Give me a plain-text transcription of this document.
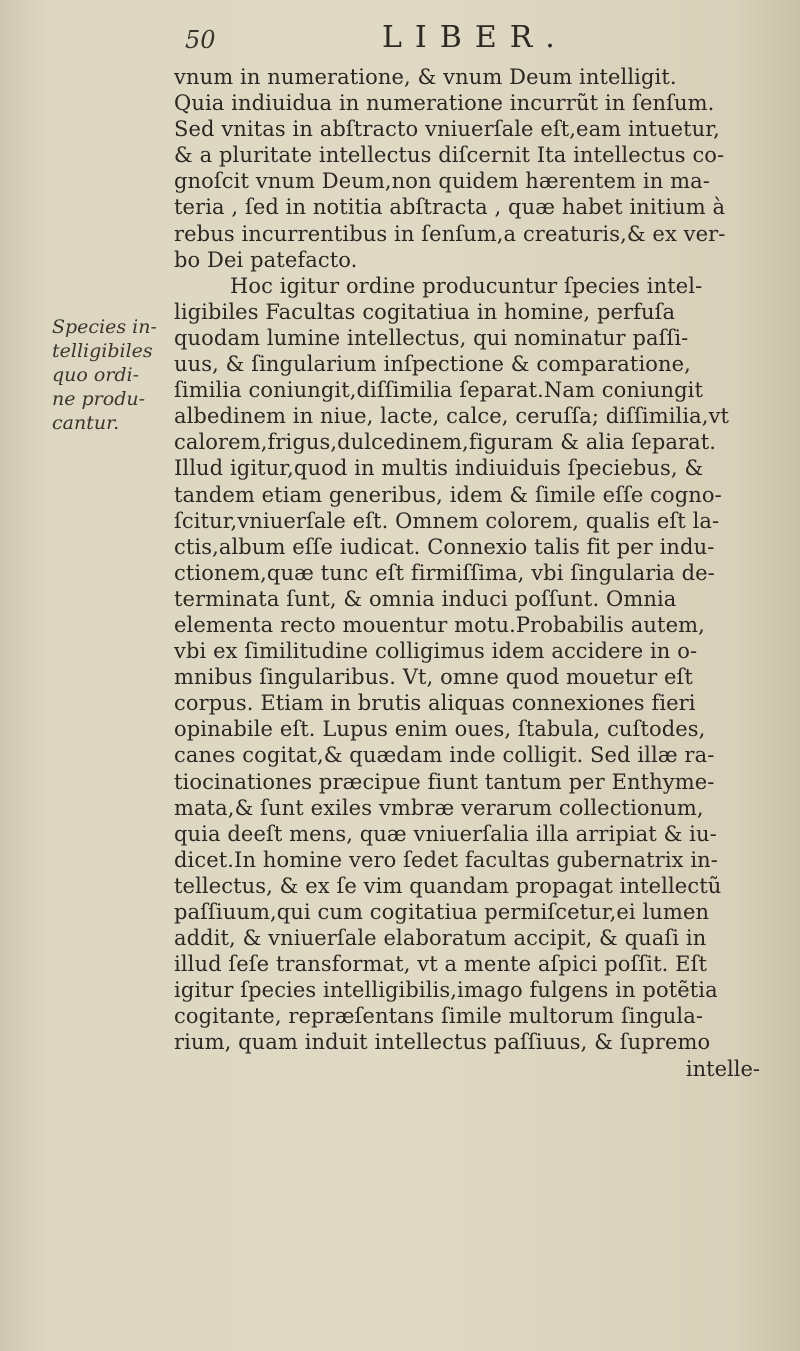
50	LIBER.
Species in-
telligibiles
quo ordi-
ne produ-
cantur.
vnum in numeratione, & vnum Deum intelligit.
Quia indiuidua in numeratione incurrũt in ſenſum.
Sed vnitas in abſtracto vniuerſale eſt,eam intuetur,
& a pluritate intellectus diſcernit Ita intellectus co-
gnoſcit vnum Deum,non quidem hærentem in ma-
teria , ſed in notitia abſtracta , quæ habet initium à
rebus incurrentibus in ſenſum,a creaturis,& ex ver-
bo Dei patefacto.
Hoc igitur ordine producuntur ſpecies intel-
ligibiles Facultas cogitatiua in homine, perfuſa
quodam lumine intellectus, qui nominatur paſſi-
uus, & ſingularium inſpectione & comparatione,
ſimilia coniungit,diſſimilia ſeparat.Nam coniungit
albedinem in niue, lacte, calce, ceruſſa; diſſimilia,vt
calorem,frigus,dulcedinem,figuram & alia ſeparat.
Illud igitur,quod in multis indiuiduis ſpeciebus, &
tandem etiam generibus, idem & ſimile eſſe cogno-
ſcitur,vniuerſale eſt. Omnem colorem, qualis eſt la-
ctis,album eſſe iudicat. Connexio talis fit per indu-
ctionem,quæ tunc eſt firmiſſima, vbi ſingularia de-
terminata ſunt, & omnia induci poſſunt. Omnia
elementa recto mouentur motu.Probabilis autem,
vbi ex ſimilitudine colligimus idem accidere in o-
mnibus ſingularibus. Vt, omne quod mouetur eſt
corpus. Etiam in brutis aliquas connexiones fieri
opinabile eſt. Lupus enim oues, ſtabula, cuſtodes,
canes cogitat,& quædam inde colligit. Sed illæ ra-
tiocinationes præcipue fiunt tantum per Enthyme-
mata,& ſunt exiles vmbræ verarum collectionum,
quia deeſt mens, quæ vniuerſalia illa arripiat & iu-
dicet.In homine vero ſedet facultas gubernatrix in-
tellectus, & ex ſe vim quandam propagat intellectũ
paſſiuum,qui cum cogitatiua permiſcetur,ei lumen
addit, & vniuerſale elaboratum accipit, & quaſi in
illud ſeſe transformat, vt a mente aſpici poſſit. Eſt
igitur ſpecies intelligibilis,imago fulgens in potẽtia
cogitante, repræſentans ſimile multorum ſingula-
rium, quam induit intellectus paſſiuus, & ſupremo
intelle-
